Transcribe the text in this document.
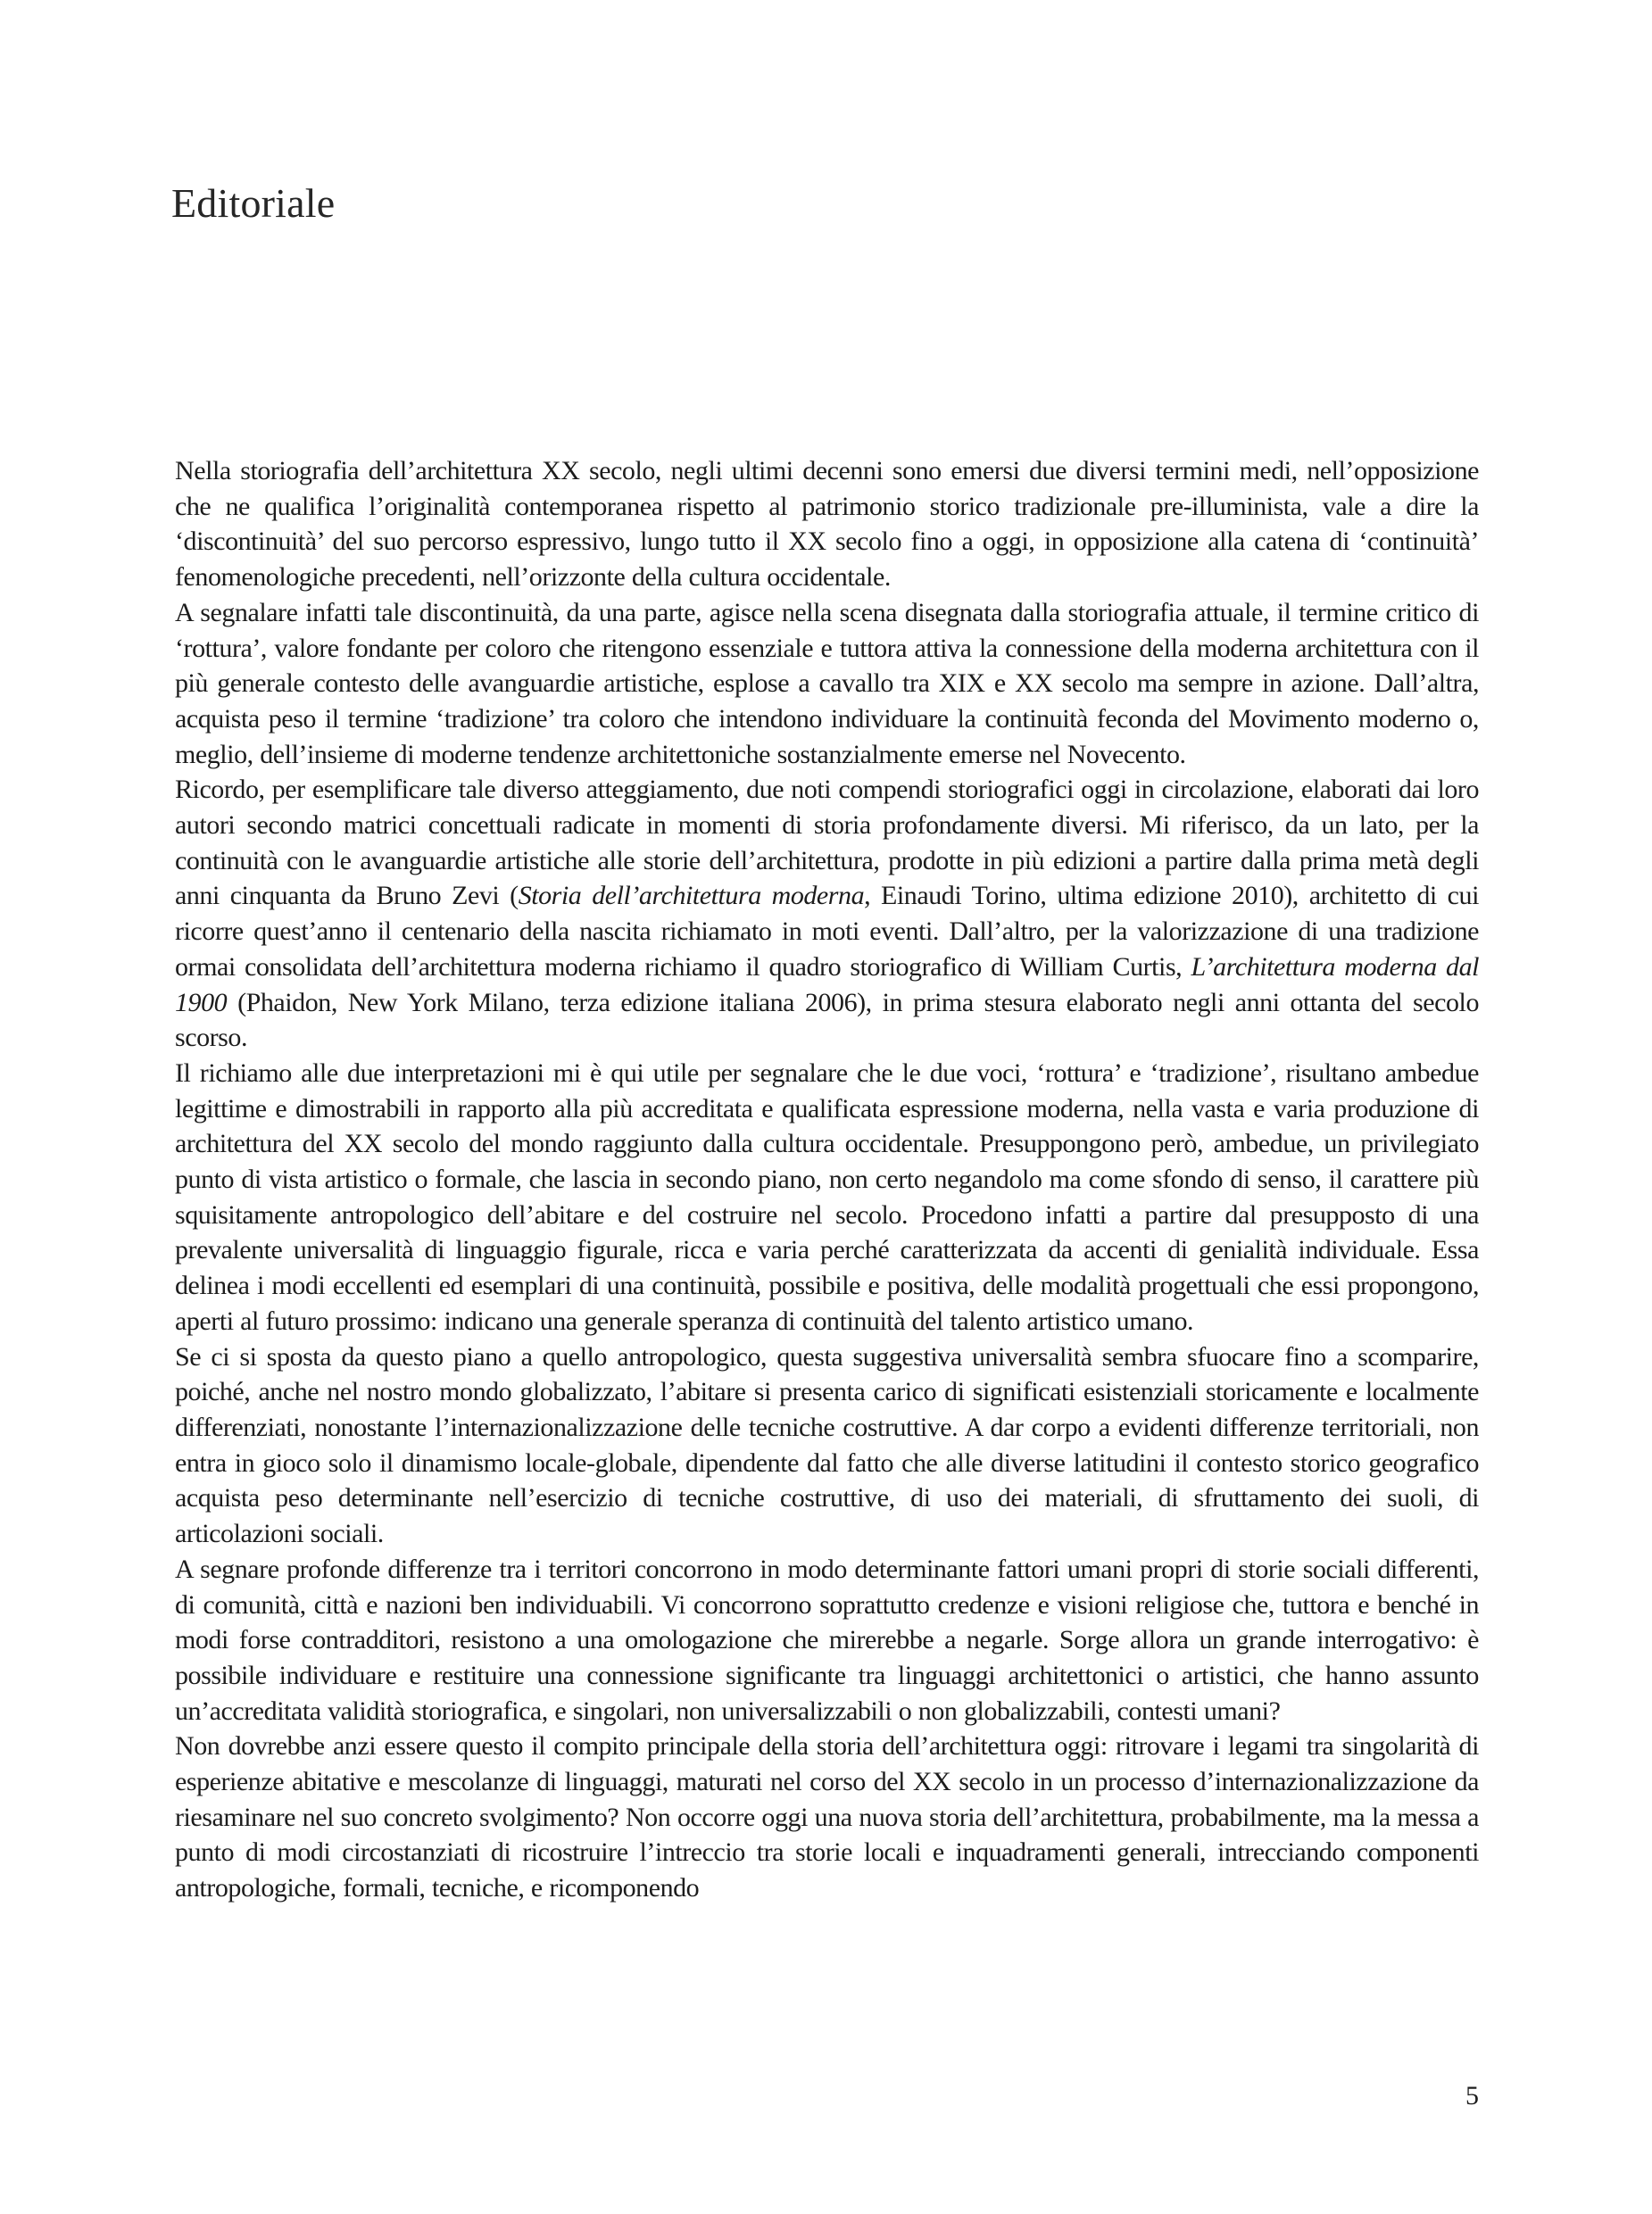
Editoriale

Nella storiografia dell’architettura XX secolo, negli ultimi decenni sono emersi due diversi termini medi, nell’opposizione che ne qualifica l’originalità contemporanea rispetto al patrimonio storico tradizionale pre-illuminista, vale a dire la ‘discontinuità’ del suo percorso espressivo, lungo tutto il XX secolo fino a oggi, in opposizione alla catena di ‘continuità’ fenomenologiche precedenti, nell’orizzonte della cultura occidentale.

A segnalare infatti tale discontinuità, da una parte, agisce nella scena disegnata dalla storiografia attuale, il termine critico di ‘rottura’, valore fondante per coloro che ritengono essenziale e tuttora attiva la connessione della moderna architettura con il più generale contesto delle avanguardie artistiche, esplose a cavallo tra XIX e XX secolo ma sempre in azione. Dall’altra, acquista peso il termine ‘tradizione’ tra coloro che intendono individuare la continuità feconda del Movimento moderno o, meglio, dell’insieme di moderne tendenze architettoniche sostanzialmente emerse nel Novecento.

Ricordo, per esemplificare tale diverso atteggiamento, due noti compendi storiografici oggi in circolazione, elaborati dai loro autori secondo matrici concettuali radicate in momenti di storia profondamente diversi. Mi riferisco, da un lato, per la continuità con le avanguardie artistiche alle storie dell’architettura, prodotte in più edizioni a partire dalla prima metà degli anni cinquanta da Bruno Zevi (Storia dell’architettura moderna, Einaudi Torino, ultima edizione 2010), architetto di cui ricorre quest’anno il centenario della nascita richiamato in moti eventi. Dall’altro, per la valorizzazione di una tradizione ormai consolidata dell’architettura moderna richiamo il quadro storiografico di William Curtis, L’architettura moderna dal 1900 (Phaidon, New York Milano, terza edizione italiana 2006), in prima stesura elaborato negli anni ottanta del secolo scorso.

Il richiamo alle due interpretazioni mi è qui utile per segnalare che le due voci, ‘rottura’ e ‘tradizione’, risultano ambedue legittime e dimostrabili in rapporto alla più accreditata e qualificata espressione moderna, nella vasta e varia produzione di architettura del XX secolo del mondo raggiunto dalla cultura occidentale. Presuppongono però, ambedue, un privilegiato punto di vista artistico o formale, che lascia in secondo piano, non certo negandolo ma come sfondo di senso, il carattere più squisitamente antropologico dell’abitare e del costruire nel secolo. Procedono infatti a partire dal presupposto di una prevalente universalità di linguaggio figurale, ricca e varia perché caratterizzata da accenti di genialità individuale. Essa delinea i modi eccellenti ed esemplari di una continuità, possibile e positiva, delle modalità progettuali che essi propongono, aperti al futuro prossimo: indicano una generale speranza di continuità del talento artistico umano.

Se ci si sposta da questo piano a quello antropologico, questa suggestiva universalità sembra sfuocare fino a scomparire, poiché, anche nel nostro mondo globalizzato, l’abitare si presenta carico di significati esistenziali storicamente e localmente differenziati, nonostante l’internazionalizzazione delle tecniche costruttive. A dar corpo a evidenti differenze territoriali, non entra in gioco solo il dinamismo locale-globale, dipendente dal fatto che alle diverse latitudini il contesto storico geografico acquista peso determinante nell’esercizio di tecniche costruttive, di uso dei materiali, di sfruttamento dei suoli, di articolazioni sociali.

A segnare profonde differenze tra i territori concorrono in modo determinante fattori umani propri di storie sociali differenti, di comunità, città e nazioni ben individuabili. Vi concorrono soprattutto credenze e visioni religiose che, tuttora e benché in modi forse contradditori, resistono a una omologazione che mirerebbe a negarle. Sorge allora un grande interrogativo: è possibile individuare e restituire una connessione significante tra linguaggi architettonici o artistici, che hanno assunto un’accreditata validità storiografica, e singolari, non universalizzabili o non globalizzabili, contesti umani?

Non dovrebbe anzi essere questo il compito principale della storia dell’architettura oggi: ritrovare i legami tra singolarità di esperienze abitative e mescolanze di linguaggi, maturati nel corso del XX secolo in un processo d’internazionalizzazione da riesaminare nel suo concreto svolgimento? Non occorre oggi una nuova storia dell’architettura, probabilmente, ma la messa a punto di modi circostanziati di ricostruire l’intreccio tra storie locali e inquadramenti generali, intrecciando componenti antropologiche, formali, tecniche, e ricomponendo

5
